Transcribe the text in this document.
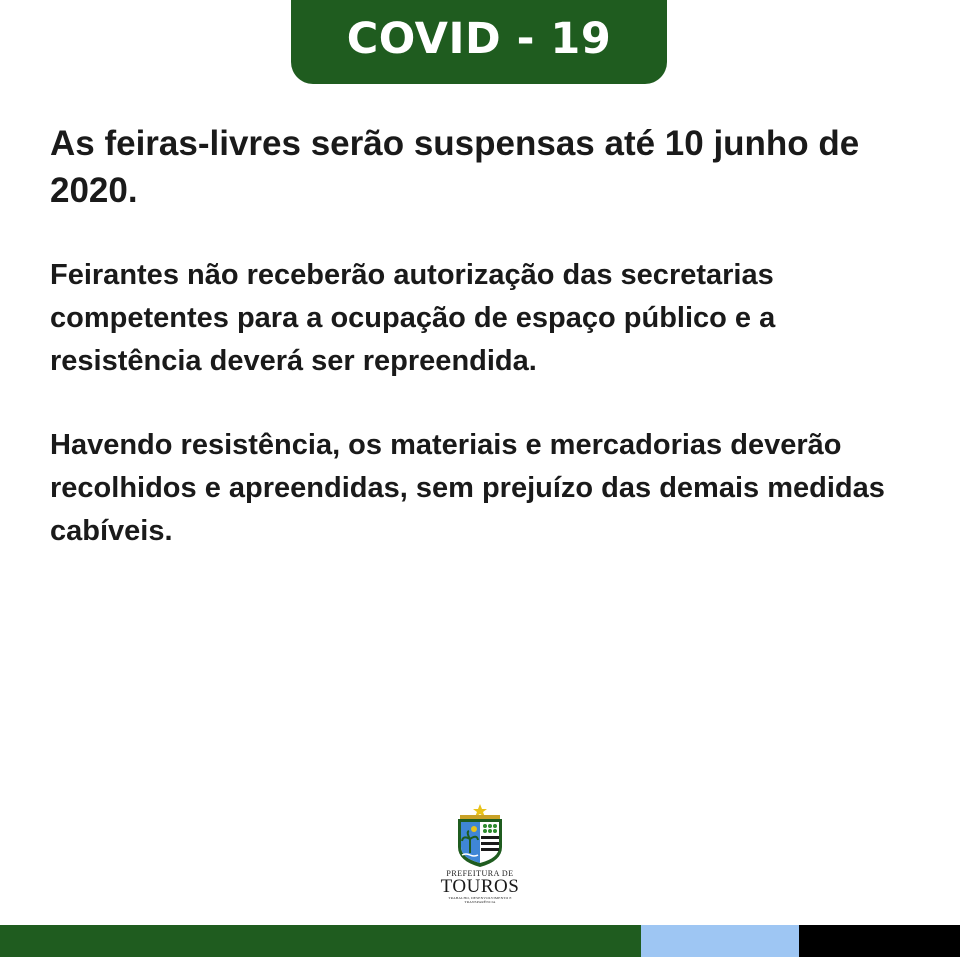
COVID - 19

As feiras-livres serão suspensas até 10 junho de 2020.

Feirantes não receberão autorização das secretarias competentes para a ocupação de espaço público e a resistência deverá ser repreendida.

Havendo resistência, os materiais e mercadorias deverão recolhidos e apreendidas, sem prejuízo das demais medidas cabíveis.

PREFEITURA DE
TOUROS
TRABALHO, DESENVOLVIMENTO E TRANSPARÊNCIA
